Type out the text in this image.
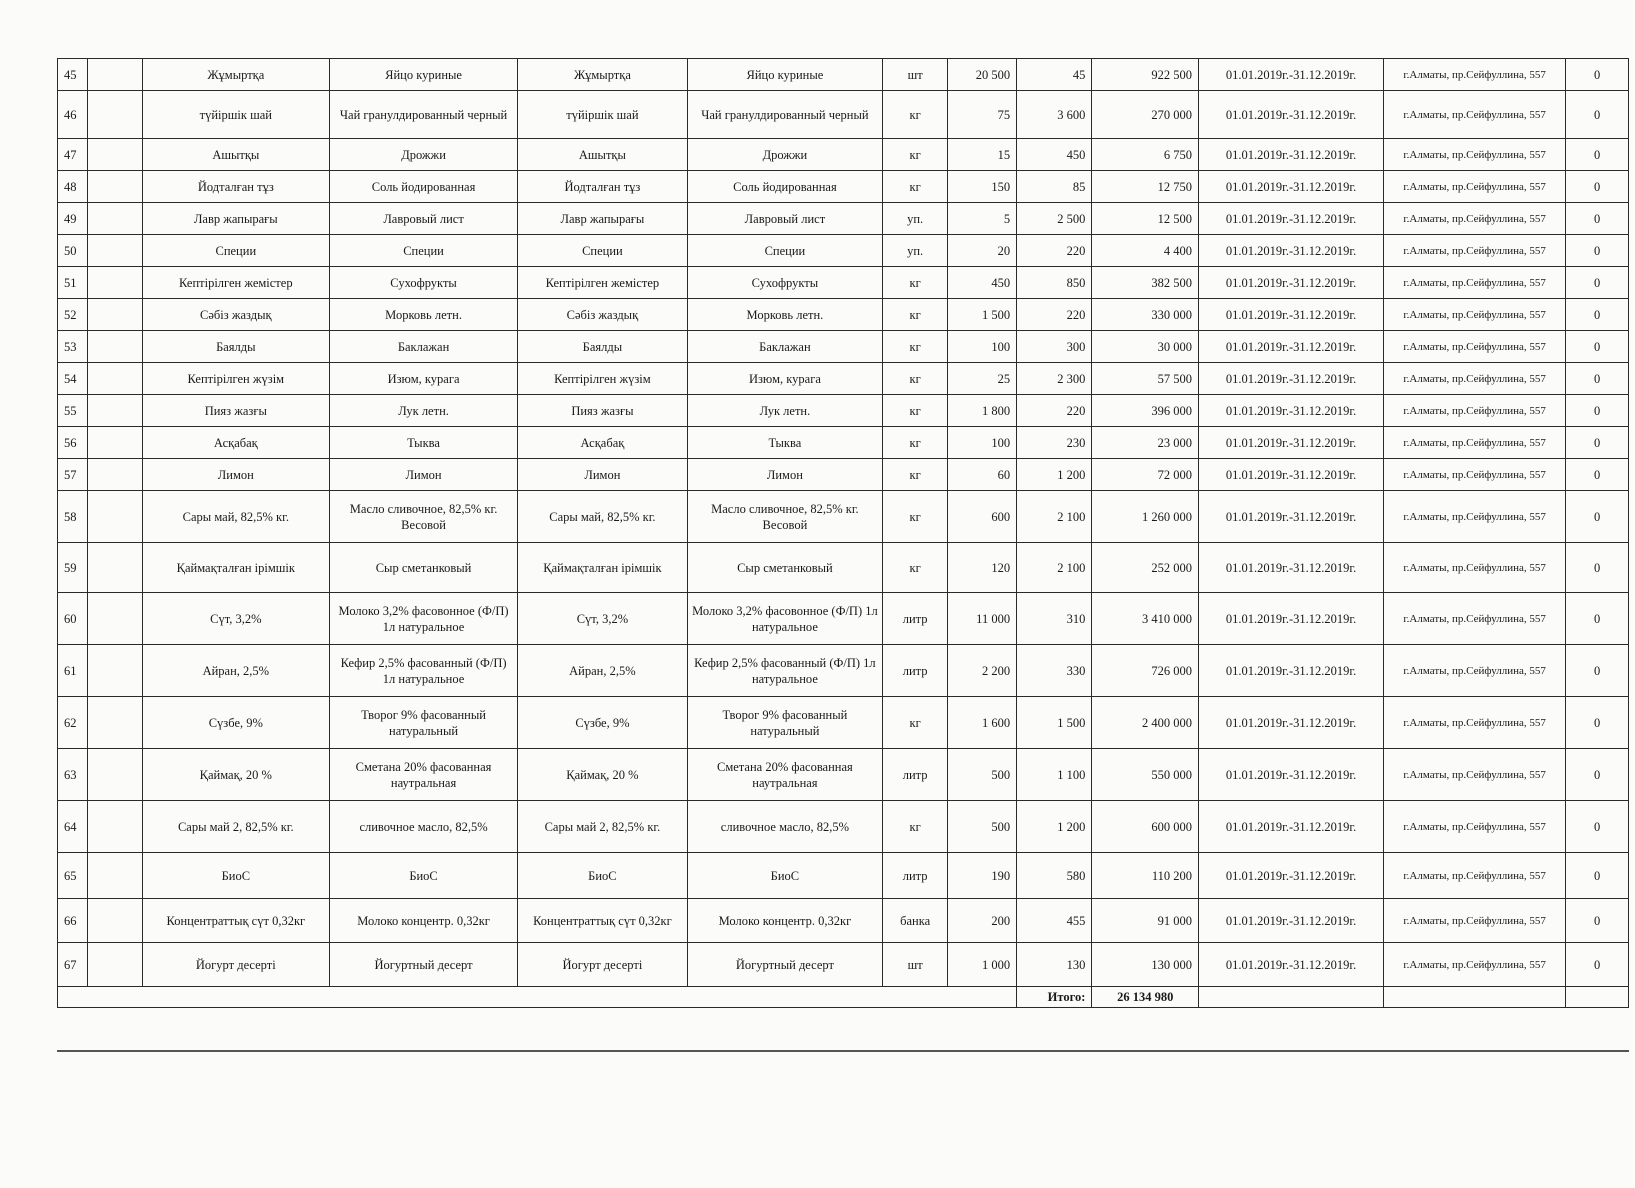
45		Жұмыртқа	Яйцо куриные	Жұмыртқа	Яйцо куриные	шт	20 500	45	922 500	01.01.2019г.-31.12.2019г.	г.Алматы, пр.Сейфуллина, 557	0
46		түйіршік шай	Чай гранулдированный черный	түйіршік шай	Чай гранулдированный черный	кг	75	3 600	270 000	01.01.2019г.-31.12.2019г.	г.Алматы, пр.Сейфуллина, 557	0
47		Ашытқы	Дрожжи	Ашытқы	Дрожжи	кг	15	450	6 750	01.01.2019г.-31.12.2019г.	г.Алматы, пр.Сейфуллина, 557	0
48		Йодталған тұз	Соль йодированная	Йодталған тұз	Соль йодированная	кг	150	85	12 750	01.01.2019г.-31.12.2019г.	г.Алматы, пр.Сейфуллина, 557	0
49		Лавр жапырағы	Лавровый лист	Лавр жапырағы	Лавровый лист	уп.	5	2 500	12 500	01.01.2019г.-31.12.2019г.	г.Алматы, пр.Сейфуллина, 557	0
50		Специи	Специи	Специи	Специи	уп.	20	220	4 400	01.01.2019г.-31.12.2019г.	г.Алматы, пр.Сейфуллина, 557	0
51		Кептірілген жемістер	Сухофрукты	Кептірілген жемістер	Сухофрукты	кг	450	850	382 500	01.01.2019г.-31.12.2019г.	г.Алматы, пр.Сейфуллина, 557	0
52		Сәбіз жаздық	Морковь летн.	Сәбіз жаздық	Морковь летн.	кг	1 500	220	330 000	01.01.2019г.-31.12.2019г.	г.Алматы, пр.Сейфуллина, 557	0
53		Баялды	Баклажан	Баялды	Баклажан	кг	100	300	30 000	01.01.2019г.-31.12.2019г.	г.Алматы, пр.Сейфуллина, 557	0
54		Кептірілген жүзім	Изюм, курага	Кептірілген жүзім	Изюм, курага	кг	25	2 300	57 500	01.01.2019г.-31.12.2019г.	г.Алматы, пр.Сейфуллина, 557	0
55		Пияз жазғы	Лук летн.	Пияз жазғы	Лук летн.	кг	1 800	220	396 000	01.01.2019г.-31.12.2019г.	г.Алматы, пр.Сейфуллина, 557	0
56		Асқабақ	Тыква	Асқабақ	Тыква	кг	100	230	23 000	01.01.2019г.-31.12.2019г.	г.Алматы, пр.Сейфуллина, 557	0
57		Лимон	Лимон	Лимон	Лимон	кг	60	1 200	72 000	01.01.2019г.-31.12.2019г.	г.Алматы, пр.Сейфуллина, 557	0
58		Сары май, 82,5% кг.	Масло сливочное, 82,5% кг. Весовой	Сары май, 82,5% кг.	Масло сливочное, 82,5% кг. Весовой	кг	600	2 100	1 260 000	01.01.2019г.-31.12.2019г.	г.Алматы, пр.Сейфуллина, 557	0
59		Қаймақталған ірімшік	Сыр сметанковый	Қаймақталған ірімшік	Сыр сметанковый	кг	120	2 100	252 000	01.01.2019г.-31.12.2019г.	г.Алматы, пр.Сейфуллина, 557	0
60		Сүт, 3,2%	Молоко 3,2% фасовонное (Ф/П) 1л натуральное	Сүт, 3,2%	Молоко 3,2% фасовонное (Ф/П) 1л натуральное	литр	11 000	310	3 410 000	01.01.2019г.-31.12.2019г.	г.Алматы, пр.Сейфуллина, 557	0
61		Айран, 2,5%	Кефир 2,5% фасованный (Ф/П) 1л натуральное	Айран, 2,5%	Кефир 2,5% фасованный (Ф/П) 1л натуральное	литр	2 200	330	726 000	01.01.2019г.-31.12.2019г.	г.Алматы, пр.Сейфуллина, 557	0
62		Сүзбе, 9%	Творог 9% фасованный натуральный	Сүзбе, 9%	Творог 9% фасованный натуральный	кг	1 600	1 500	2 400 000	01.01.2019г.-31.12.2019г.	г.Алматы, пр.Сейфуллина, 557	0
63		Қаймақ, 20 %	Сметана 20% фасованная наутральная	Қаймақ, 20 %	Сметана 20% фасованная наутральная	литр	500	1 100	550 000	01.01.2019г.-31.12.2019г.	г.Алматы, пр.Сейфуллина, 557	0
64		Сары май 2, 82,5% кг.	сливочное масло, 82,5%	Сары май 2, 82,5% кг.	сливочное масло, 82,5%	кг	500	1 200	600 000	01.01.2019г.-31.12.2019г.	г.Алматы, пр.Сейфуллина, 557	0
65		БиоС	БиоС	БиоС	БиоС	литр	190	580	110 200	01.01.2019г.-31.12.2019г.	г.Алматы, пр.Сейфуллина, 557	0
66		Концентраттық сүт 0,32кг	Молоко концентр. 0,32кг	Концентраттық сүт 0,32кг	Молоко концентр. 0,32кг	банка	200	455	91 000	01.01.2019г.-31.12.2019г.	г.Алматы, пр.Сейфуллина, 557	0
67		Йогурт десерті	Йогуртный десерт	Йогурт десерті	Йогуртный десерт	шт	1 000	130	130 000	01.01.2019г.-31.12.2019г.	г.Алматы, пр.Сейфуллина, 557	0
								Итого:	26 134 980			
